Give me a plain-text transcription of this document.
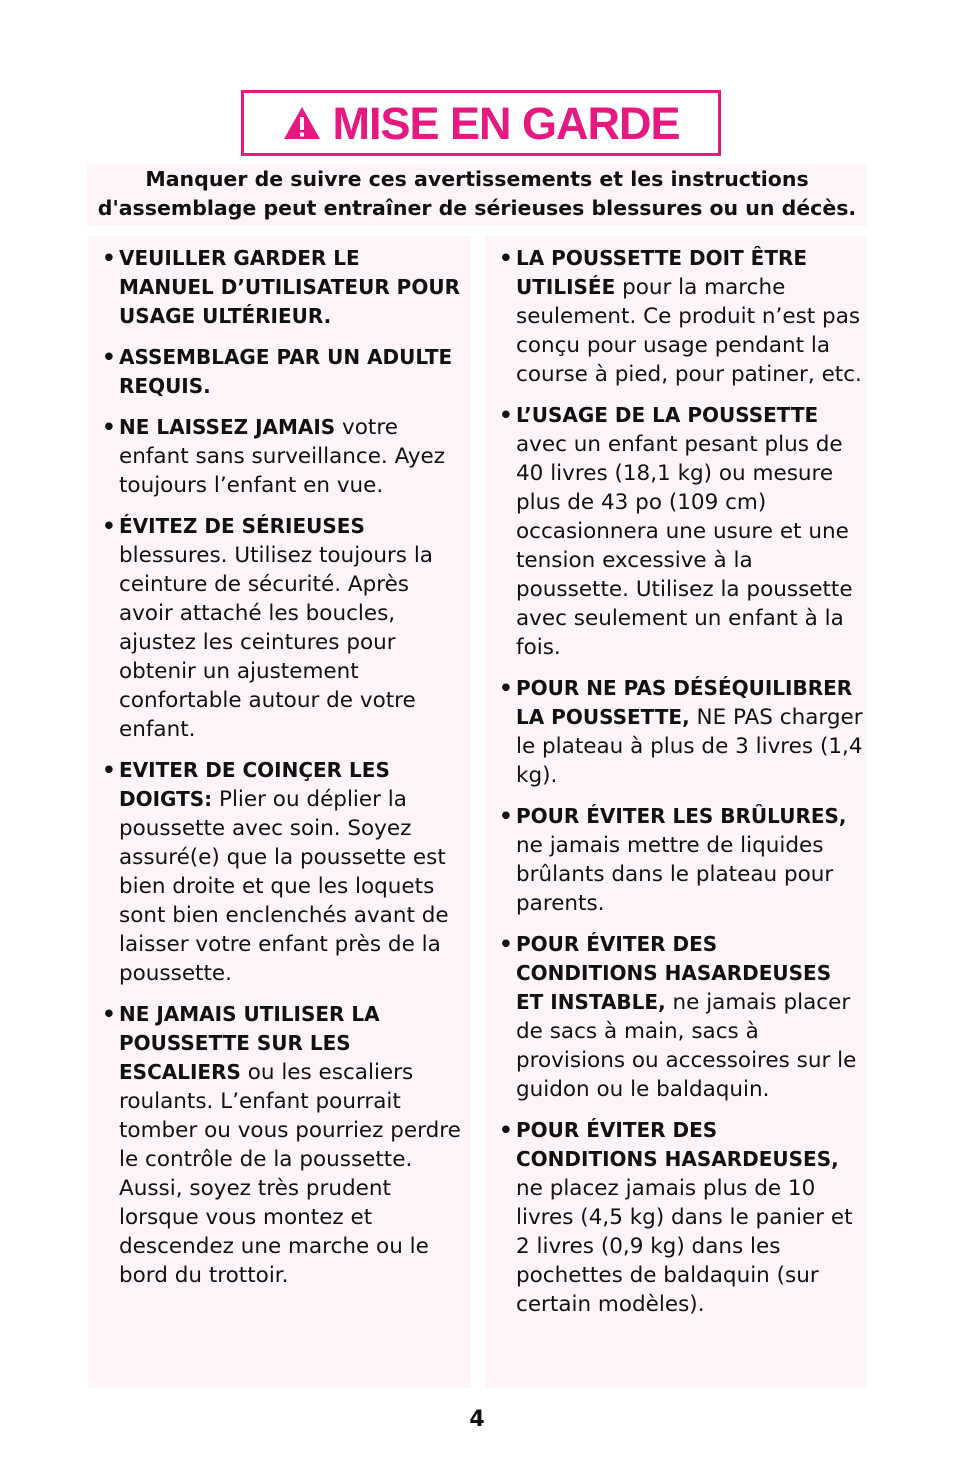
MISE EN GARDE
Manquer de suivre ces avertissements et les instructions
d'assemblage peut entraîner de sérieuses blessures ou un décès.
• VEUILLER GARDER LE MANUEL D’UTILISATEUR POUR USAGE ULTÉRIEUR.
• ASSEMBLAGE PAR UN ADULTE REQUIS.
• NE LAISSEZ JAMAIS votre enfant sans surveillance. Ayez toujours l’enfant en vue.
• ÉVITEZ DE SÉRIEUSES blessures. Utilisez toujours la ceinture de sécurité. Après avoir attaché les boucles, ajustez les ceintures pour obtenir un ajustement confortable autour de votre enfant.
• EVITER DE COINÇER LES DOIGTS: Plier ou déplier la poussette avec soin. Soyez assuré(e) que la poussette est bien droite et que les loquets sont bien enclenchés avant de laisser votre enfant près de la poussette.
• NE JAMAIS UTILISER LA POUSSETTE SUR LES ESCALIERS ou les escaliers roulants. L’enfant pourrait tomber ou vous pourriez perdre le contrôle de la poussette. Aussi, soyez très prudent lorsque vous montez et descendez une marche ou le bord du trottoir.
• LA POUSSETTE DOIT ÊTRE UTILISÉE pour la marche seulement. Ce produit n’est pas conçu pour usage pendant la course à pied, pour patiner, etc.
• L’USAGE DE LA POUSSETTE avec un enfant pesant plus de 40 livres (18,1 kg) ou mesure plus de 43 po (109 cm) occasionnera une usure et une tension excessive à la poussette. Utilisez la poussette avec seulement un enfant à la fois.
• POUR NE PAS DÉSÉQUILIBRER LA POUSSETTE, NE PAS charger le plateau à plus de 3 livres (1,4 kg).
• POUR ÉVITER LES BRÛLURES, ne jamais mettre de liquides brûlants dans le plateau pour parents.
• POUR ÉVITER DES CONDITIONS HASARDEUSES ET INSTABLE, ne jamais placer de sacs à main, sacs à provisions ou accessoires sur le guidon ou le baldaquin.
• POUR ÉVITER DES CONDITIONS HASARDEUSES, ne placez jamais plus de 10 livres (4,5 kg) dans le panier et 2 livres (0,9 kg) dans les pochettes de baldaquin (sur certain modèles).
4
